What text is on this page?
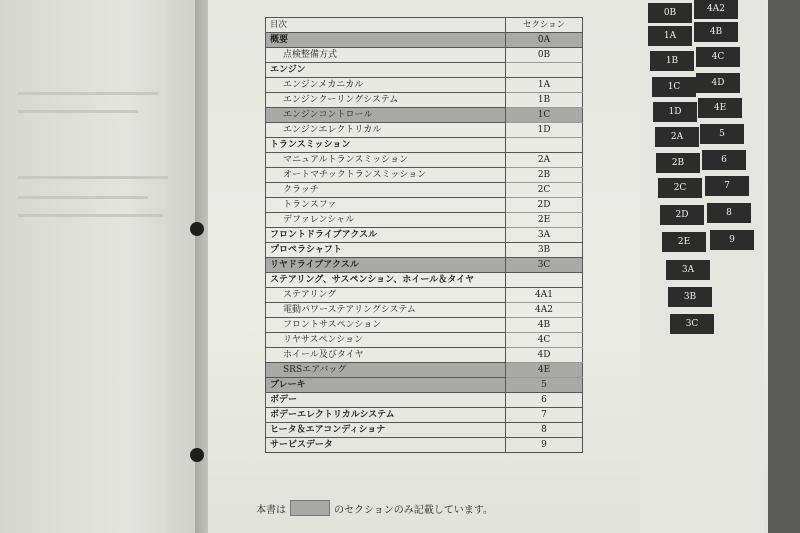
目次	セクション
概要	0A
点検整備方式	0B
エンジン	
エンジンメカニカル	1A
エンジンクーリングシステム	1B
エンジンコントロール	1C
エンジンエレクトリカル	1D
トランスミッション	
マニュアルトランスミッション	2A
オートマチックトランスミッション	2B
クラッチ	2C
トランスファ	2D
デファレンシャル	2E
フロントドライブアクスル	3A
プロペラシャフト	3B
リヤドライブアクスル	3C
ステアリング、サスペンション、ホイール＆タイヤ	
ステアリング	4A1
電動パワーステアリングシステム	4A2
フロントサスペンション	4B
リヤサスペンション	4C
ホイール及びタイヤ	4D
SRSエアバッグ	4E
ブレーキ	5
ボデー	6
ボデーエレクトリカルシステム	7
ヒータ＆エアコンディショナ	8
サービスデータ	9
本書は	のセクションのみ記載しています。
0B	4A2
1A	4B
1B	4C
1C	4D
1D	4E
2A	5
2B	6
2C	7
2D	8
2E	9
3A
3B
3C
